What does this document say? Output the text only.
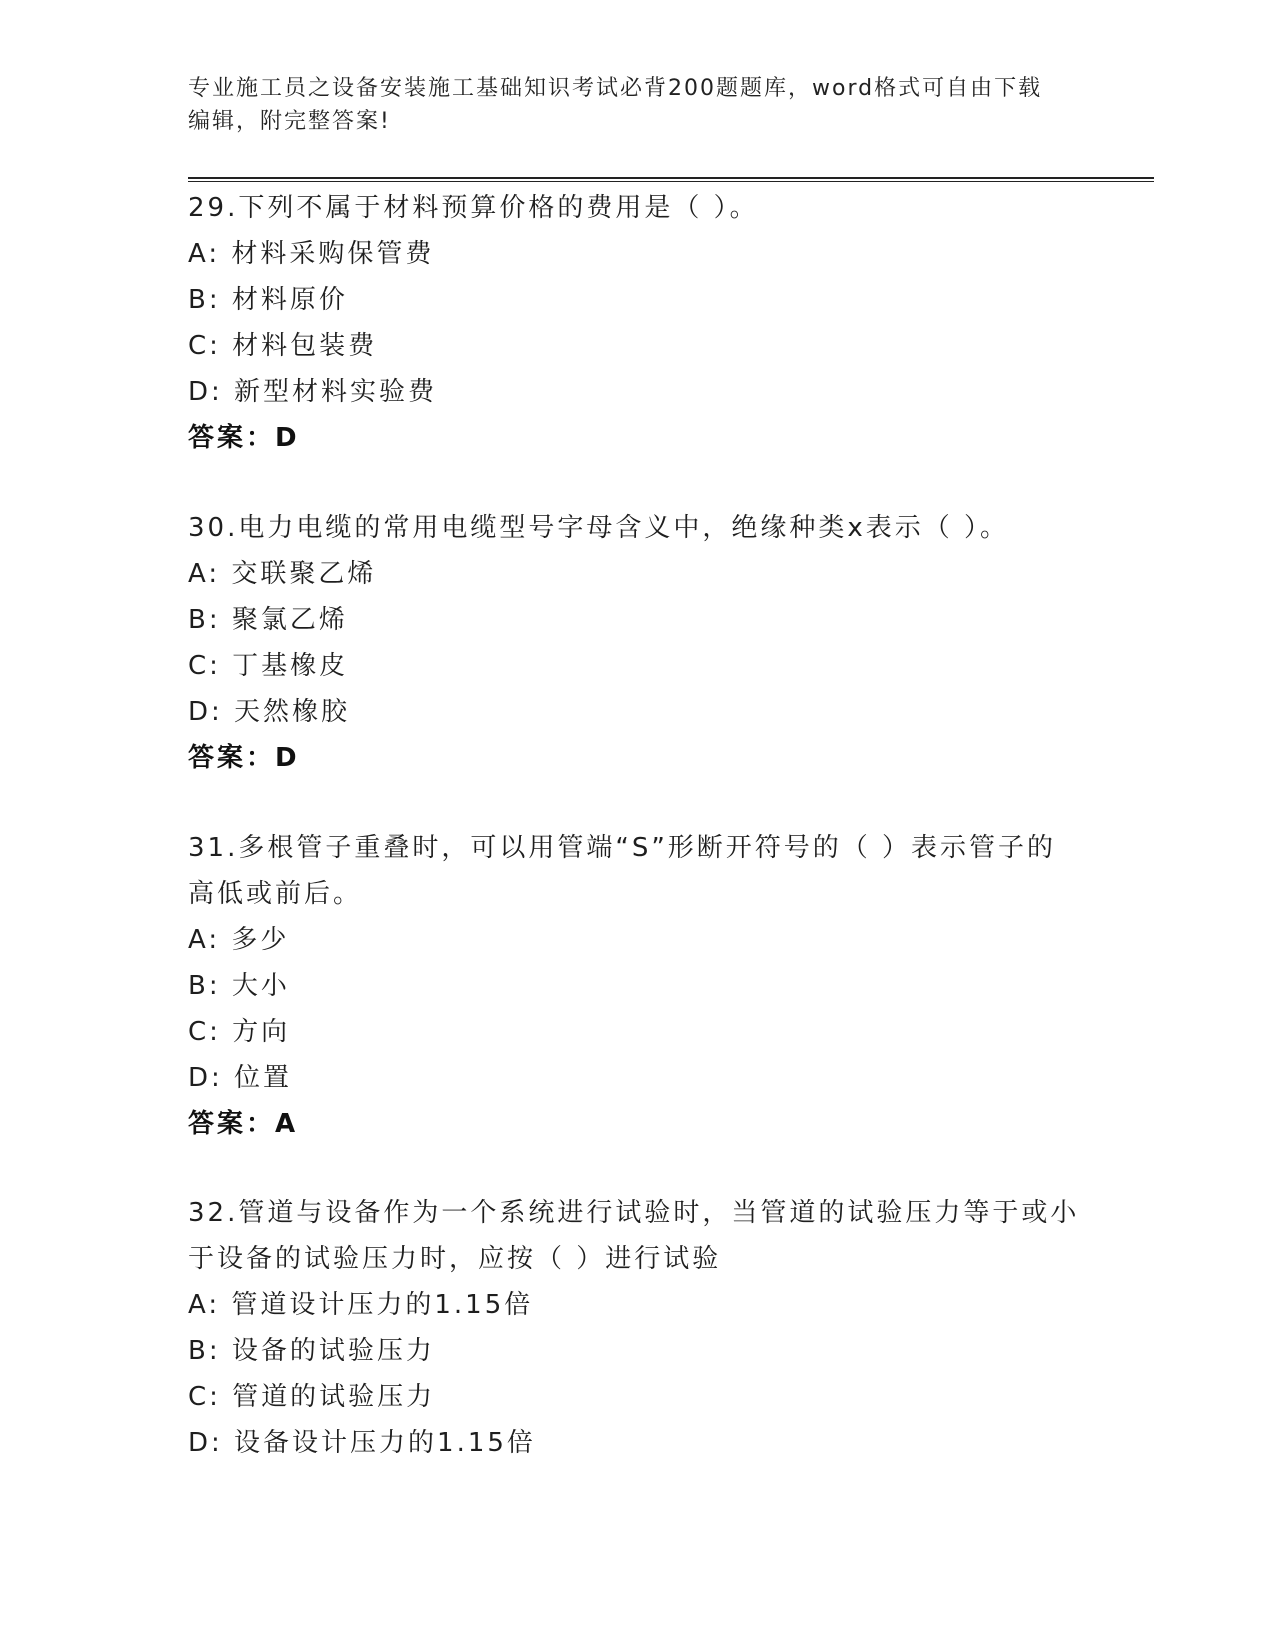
专业施工员之设备安装施工基础知识考试必背200题题库，word格式可自由下载
编辑，附完整答案!
29.下列不属于材料预算价格的费用是（ ）。
A: 材料采购保管费
B: 材料原价
C: 材料包装费
D: 新型材料实验费
答案：D
30.电力电缆的常用电缆型号字母含义中，绝缘种类x表示（ ）。
A: 交联聚乙烯
B: 聚氯乙烯
C: 丁基橡皮
D: 天然橡胶
答案：D
31.多根管子重叠时，可以用管端“S”形断开符号的（ ）表示管子的
高低或前后。
A: 多少
B: 大小
C: 方向
D: 位置
答案：A
32.管道与设备作为一个系统进行试验时，当管道的试验压力等于或小
于设备的试验压力时，应按（ ）进行试验
A: 管道设计压力的1.15倍
B: 设备的试验压力
C: 管道的试验压力
D: 设备设计压力的1.15倍
